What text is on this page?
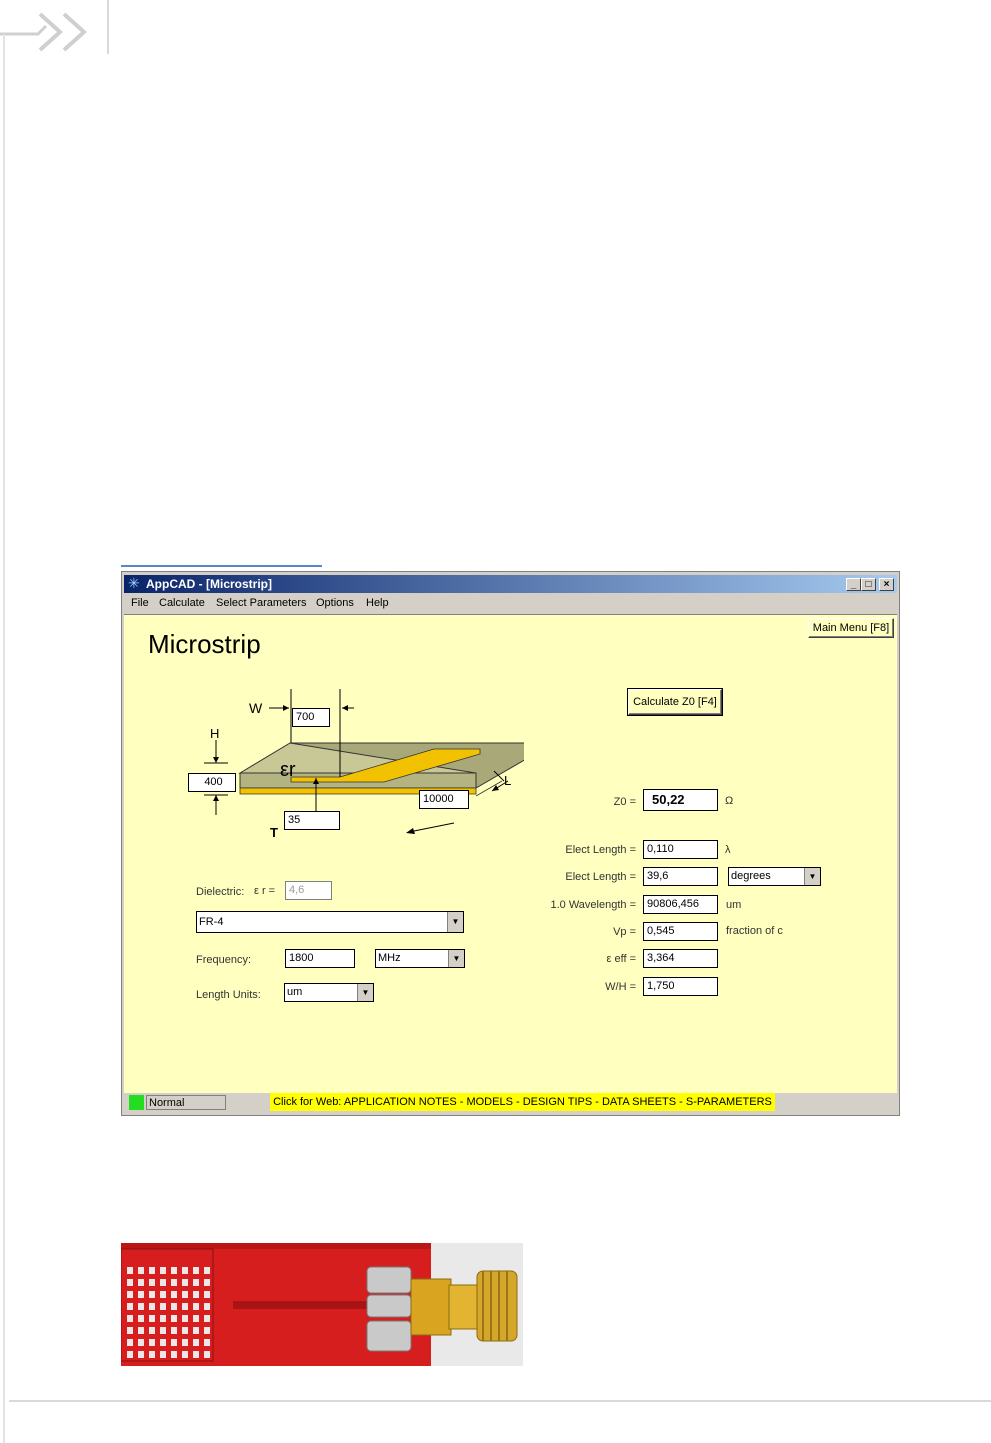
✳ AppCAD - [Microstrip]	_ □	×
File Calculate Select Parameters Options Help
Main Menu [F8]
Microstrip
Calculate Z0 [F4]
εr
W
H
T
L
700
400
35
10000
Dielectric: ε r =	4,6
FR-4	▼
Frequency:	1800	MHz	▼
Length Units: um	▼
Z0 =	50,22	Ω
Elect Length =	0,110	λ
Elect Length =	39,6	degrees	▼
1.0 Wavelength =	90806,456	um
Vp =	0,545	fraction of c
ε eff =	3,364
W/H =	1,750
Normal	Click for Web: APPLICATION NOTES - MODELS - DESIGN TIPS - DATA SHEETS - S-PARAMETERS
